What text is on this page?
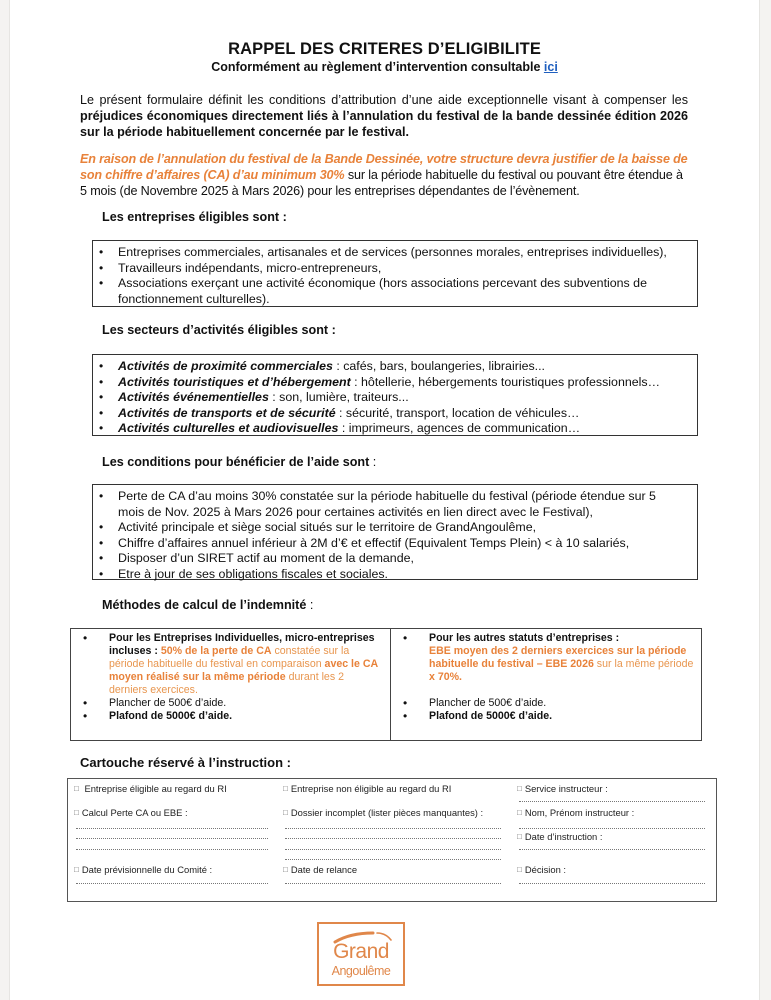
RAPPEL DES CRITERES D’ELIGIBILITE
Conformément au règlement d’intervention consultable ici
Le présent formulaire définit les conditions d’attribution d’une aide exceptionnelle visant à compenser les préjudices économiques directement liés à l’annulation du festival de la bande dessinée édition 2026 sur la période habituellement concernée par le festival.
En raison de l’annulation du festival de la Bande Dessinée, votre structure devra justifier de la baisse de son chiffre d’affaires (CA) d’au minimum 30% sur la période habituelle du festival ou pouvant être étendue à 5 mois (de Novembre 2025 à Mars 2026) pour les entreprises dépendantes de l’évènement.
Les entreprises éligibles sont :
• Entreprises commerciales, artisanales et de services (personnes morales, entreprises individuelles),
• Travailleurs indépendants, micro-entrepreneurs,
• Associations exerçant une activité économique (hors associations percevant des subventions de fonctionnement culturelles).
Les secteurs d’activités éligibles sont :
• Activités de proximité commerciales : cafés, bars, boulangeries, librairies...
• Activités touristiques et d’hébergement : hôtellerie, hébergements touristiques professionnels…
• Activités événementielles : son, lumière, traiteurs...
• Activités de transports et de sécurité : sécurité, transport, location de véhicules…
• Activités culturelles et audiovisuelles : imprimeurs, agences de communication…
Les conditions pour bénéficier de l’aide sont :
• Perte de CA d’au moins 30% constatée sur la période habituelle du festival (période étendue sur 5 mois de Nov. 2025 à Mars 2026 pour certaines activités en lien direct avec le Festival),
• Activité principale et siège social situés sur le territoire de GrandAngoulême,
• Chiffre d’affaires annuel inférieur à 2M d’€ et effectif (Equivalent Temps Plein) < à 10 salariés,
• Disposer d’un SIRET actif au moment de la demande,
• Etre à jour de ses obligations fiscales et sociales.
Méthodes de calcul de l’indemnité :
• Pour les Entreprises Individuelles, micro-entreprises incluses : 50% de la perte de CA constatée sur la période habituelle du festival en comparaison avec le CA moyen réalisé sur la même période durant les 2 derniers exercices.
• Plancher de 500€ d’aide.
• Plafond de 5000€ d’aide.
• Pour les autres statuts d’entreprises :
EBE moyen des 2 derniers exercices sur la période habituelle du festival – EBE 2026 sur la même période x 70%.
• Plancher de 500€ d’aide.
• Plafond de 5000€ d’aide.
Cartouche réservé à l’instruction :
□ Entreprise éligible au regard du RI
□ Calcul Perte CA ou EBE :
□ Date prévisionnelle du Comité :
□ Entreprise non éligible au regard du RI
□ Dossier incomplet (lister pièces manquantes) :
□ Date de relance
□ Service instructeur :
□ Nom, Prénom instructeur :
□ Date d’instruction :
□ Décision :
Grand
Angoulême
